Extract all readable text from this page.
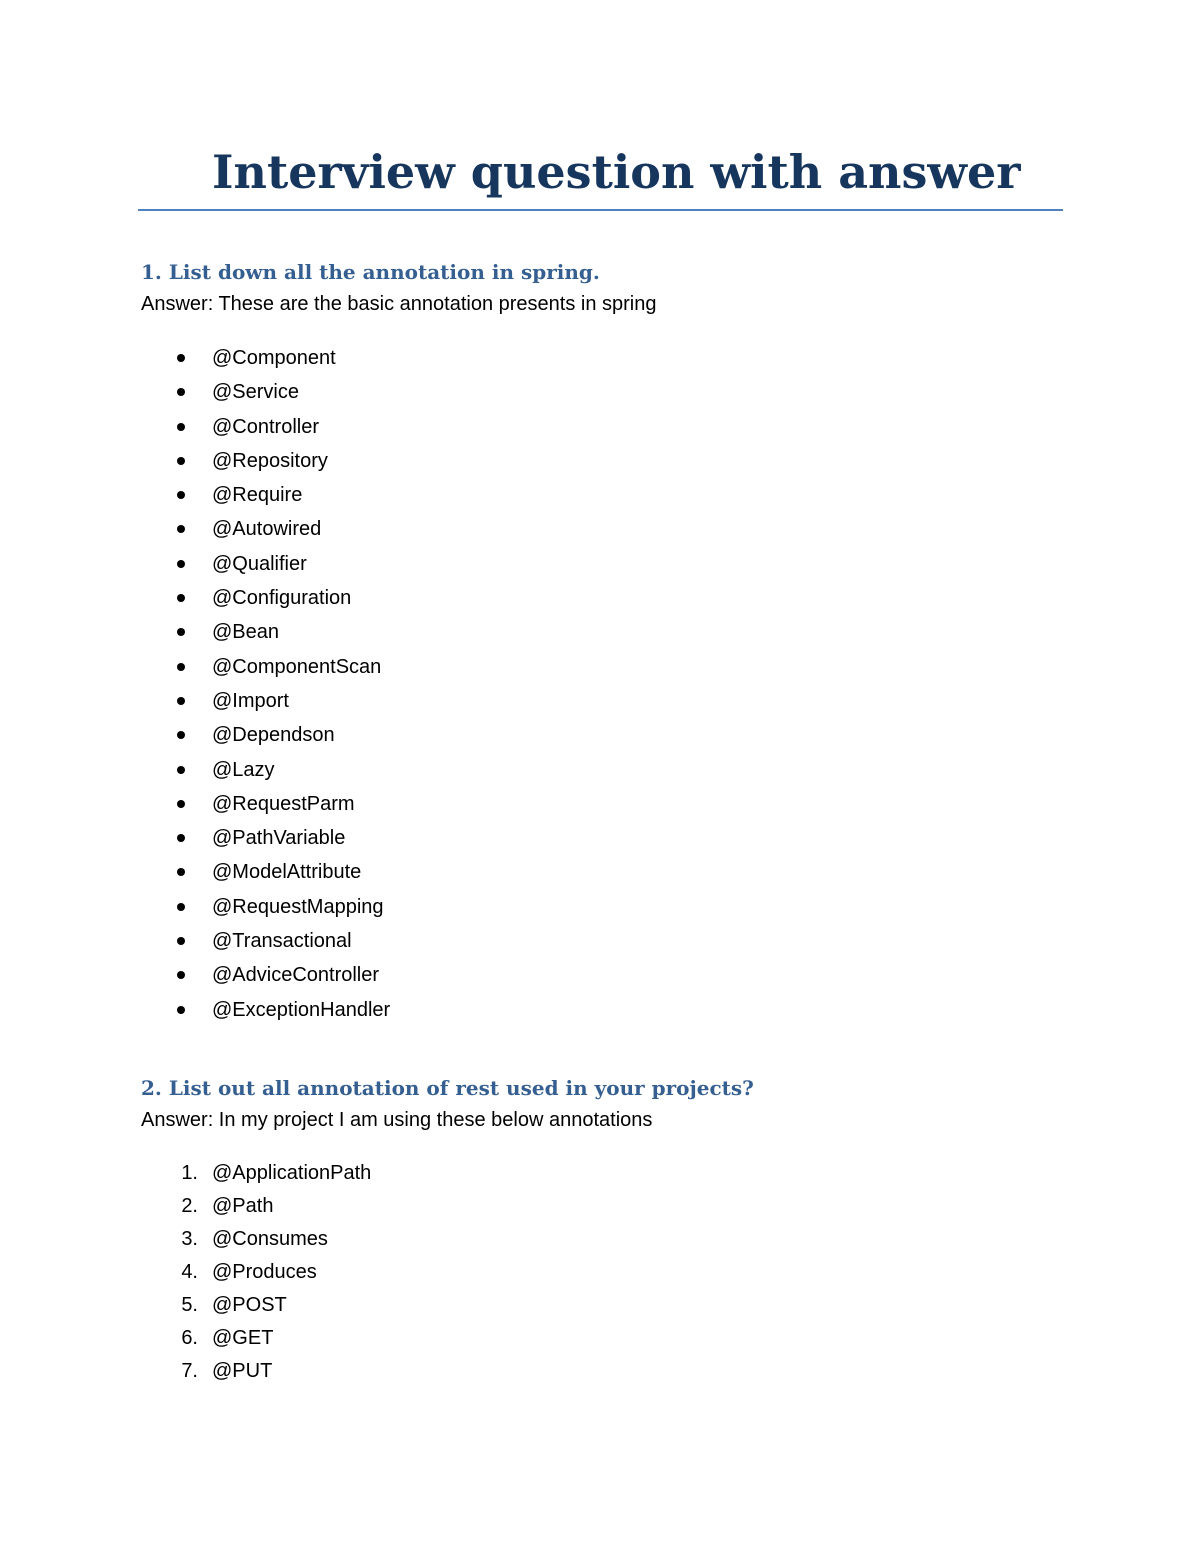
Interview question with answer
1. List down all the annotation in spring.
Answer: These are the basic annotation presents in spring
@Component
@Service
@Controller
@Repository
@Require
@Autowired
@Qualifier
@Configuration
@Bean
@ComponentScan
@Import
@Dependson
@Lazy
@RequestParm
@PathVariable
@ModelAttribute
@RequestMapping
@Transactional
@AdviceController
@ExceptionHandler
2. List out all annotation of rest used in your projects?
Answer: In my project I am using these below annotations
1. @ApplicationPath
2. @Path
3. @Consumes
4. @Produces
5. @POST
6. @GET
7. @PUT
